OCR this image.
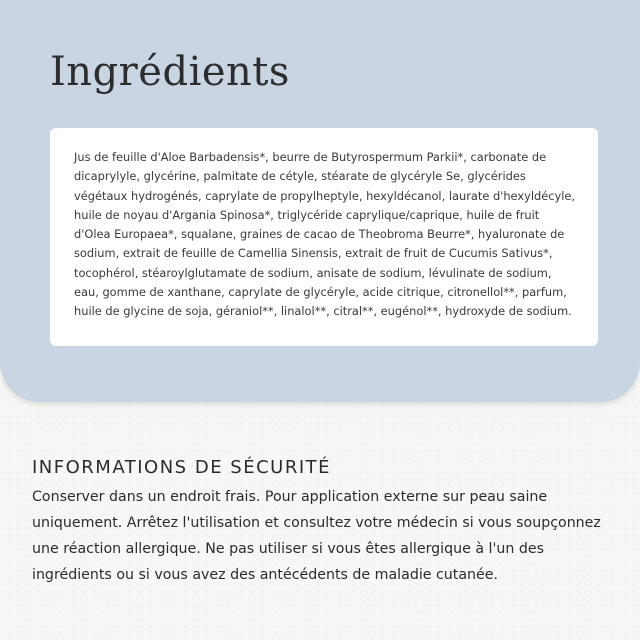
Ingrédients

Jus de feuille d'Aloe Barbadensis*, beurre de Butyrospermum Parkii*, carbonate de dicaprylyle, glycérine, palmitate de cétyle, stéarate de glycéryle Se, glycérides végétaux hydrogénés, caprylate de propylheptyle, hexyldécanol, laurate d'hexyldécyle, huile de noyau d'Argania Spinosa*, triglycéride caprylique/caprique, huile de fruit d'Olea Europaea*, squalane, graines de cacao de Theobroma Beurre*, hyaluronate de sodium, extrait de feuille de Camellia Sinensis, extrait de fruit de Cucumis Sativus*, tocophérol, stéaroylglutamate de sodium, anisate de sodium, lévulinate de sodium, eau, gomme de xanthane, caprylate de glycéryle, acide citrique, citronellol**, parfum, huile de glycine de soja, géraniol**, linalol**, citral**, eugénol**, hydroxyde de sodium.

INFORMATIONS DE SÉCURITÉ

Conserver dans un endroit frais. Pour application externe sur peau saine uniquement. Arrêtez l'utilisation et consultez votre médecin si vous soupçonnez une réaction allergique. Ne pas utiliser si vous êtes allergique à l'un des ingrédients ou si vous avez des antécédents de maladie cutanée.
